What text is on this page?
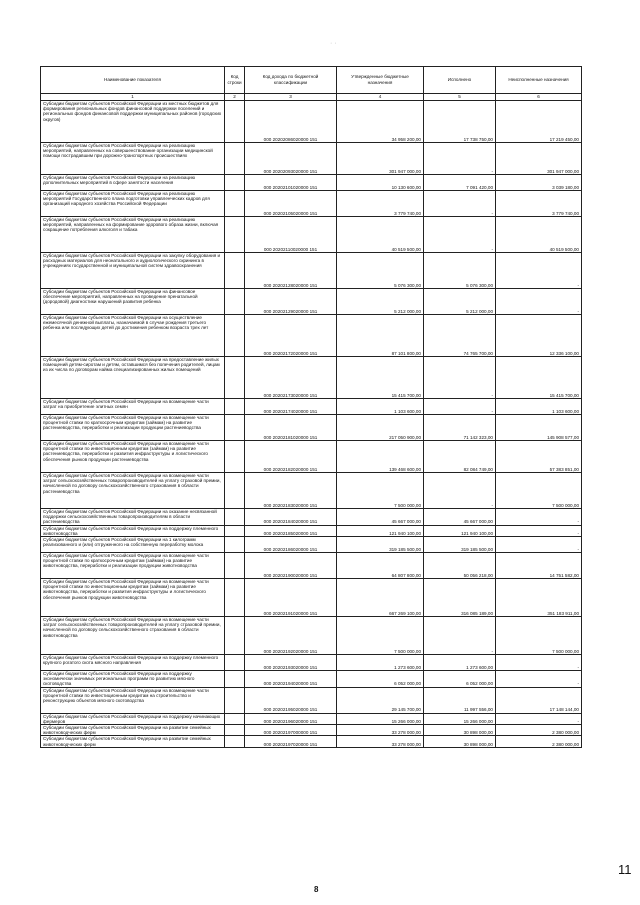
· ·
Наименование показателя	Код строки	Код дохода по бюджетной классификации	Утвержденные бюджетные назначения	Исполнено	Неисполненные назначения
1	2	3	4	5	6
Субсидии бюджетам субъектов Российской Федерации из местных бюджетов для формирования региональных фондов финансовой поддержки поселений и региональных фондов финансовой поддержки муниципальных районов (городских округов)		000 20202086020000 151	34 958 200,00	17 738 750,00	17 219 450,00
Субсидии бюджетам субъектов Российской Федерации на реализацию мероприятий, направленных на совершенствование организации медицинской помощи пострадавшим при дорожно-транспортных происшествиях		000 20202093020000 151	301 947 000,00	-	301 947 000,00
Субсидии бюджетам субъектов Российской Федерации на реализацию дополнительных мероприятий в сфере занятости населения		000 20202101020000 151	10 130 600,00	7 091 420,00	3 039 180,00
Субсидии бюджетам субъектов Российской Федерации на реализацию мероприятий Государственного плана подготовки управленческих кадров для организаций народного хозяйства Российской Федерации		000 20202105020000 151	3 779 740,00	-	3 779 740,00
Субсидии бюджетам субъектов Российской Федерации на реализацию мероприятий, направленных на формирование здорового образа жизни, включая сокращение потребления алкоголя и табака		000 20202110020000 151	40 519 500,00	-	40 519 500,00
Субсидии бюджетам субъектов Российской Федерации на закупку оборудования и расходных материалов для неонатального и аудиологического скрининга в учреждениях государственной и муниципальной систем здравоохранения		000 20202128020000 151	5 076 300,00	5 076 300,00	-
Субсидии бюджетам субъектов Российской Федерации на финансовое обеспечение мероприятий, направленных на проведение пренатальной (дородовой) диагностики нарушений развития ребенка		000 20202129020000 151	5 212 000,00	5 212 000,00	-
Субсидии бюджетам субъектов Российской Федерации на осуществление ежемесячной денежной выплаты, назначаемой в случае рождения третьего ребенка или последующих детей до достижения ребенком возраста трех лет		000 20202172020000 151	87 101 800,00	74 765 700,00	12 336 100,00
Субсидии бюджетам субъектов Российской Федерации на предоставление жилых помещений детям-сиротам и детям, оставшимся без попечения родителей, лицам из их числа по договорам найма специализированных жилых помещений		000 20202173020000 151	15 415 700,00	-	15 415 700,00
Субсидии бюджетам субъектов Российской Федерации на возмещение части затрат на приобретение элитных семян		000 20202174020000 151	1 103 600,00	-	1 103 600,00
Субсидии бюджетам субъектов Российской Федерации на возмещение части процентной ставки по краткосрочным кредитам (займам) на развитие растениеводства, переработки и реализации продукции растениеводства		000 20202181020000 151	217 050 900,00	71 142 323,00	145 908 577,00
Субсидии бюджетам субъектов Российской Федерации на возмещение части процентной ставки по инвестиционным кредитам (займам) на развитие растениеводства, переработки и развития инфраструктуры и логистического обеспечения рынков продукции растениеводства		000 20202182020000 151	139 468 600,00	82 084 749,00	57 383 851,00
Субсидии бюджетам субъектов Российской Федерации на возмещение части затрат сельскохозяйственных товаропроизводителей на уплату страховой премии, начисленной по договору сельскохозяйственного страхования в области растениеводства		000 20202183020000 151	7 500 000,00	-	7 500 000,00
Субсидии бюджетам субъектов Российской Федерации на оказание несвязанной поддержки сельскохозяйственным товаропроизводителям в области растениеводства		000 20202184020000 151	45 667 000,00	45 667 000,00	-
Субсидии бюджетам субъектов Российской Федерации на поддержку племенного животноводства		000 20202185020000 151	121 940 100,00	121 940 100,00	-
Субсидии бюджетам субъектов Российской Федерации на 1 килограмм реализованного и (или) отгруженного на собственную переработку молока		000 20202186020000 151	319 185 500,00	319 185 500,00	-
Субсидии бюджетам субъектов Российской Федерации на возмещение части процентной ставки по краткосрочным кредитам (займам) на развитие животноводства, переработки и реализации продукции животноводства		000 20202190020000 151	64 807 800,00	50 056 218,00	14 751 582,00
Субсидии бюджетам субъектов Российской Федерации на возмещение части процентной ставки по инвестиционным кредитам (займам) на развитие животноводства, переработки и развития инфраструктуры и логистического обеспечения рынков продукции животноводства		000 20202191020000 151	667 269 100,00	316 085 189,00	351 183 911,00
Субсидии бюджетам субъектов Российской Федерации на возмещение части затрат сельскохозяйственных товаропроизводителей на уплату страховой премии, начисленной по договору сельскохозяйственного страхования в области животноводства		000 20202192020000 151	7 500 000,00	-	7 500 000,00
Субсидии бюджетам субъектов Российской Федерации на поддержку племенного крупного рогатого скота мясного направления		000 20202193020000 151	1 273 600,00	1 273 600,00	-
Субсидии бюджетам субъектов Российской Федерации на поддержку экономически значимых региональных программ по развитию мясного скотоводства		000 20202194020000 151	6 052 000,00	6 052 000,00	-
Субсидии бюджетам субъектов Российской Федерации на возмещение части процентной ставки по инвестиционным кредитам на строительство и реконструкцию объектов мясного скотоводства		000 20202195020000 151	29 145 700,00	11 997 556,00	17 148 144,00
Субсидии бюджетам субъектов Российской Федерации на поддержку начинающих фермеров		000 20202196020000 151	15 266 000,00	15 266 000,00	-
Субсидии бюджетам субъектов Российской Федерации на развитие семейных животноводческих ферм		000 20202197000000 151	33 278 000,00	30 898 000,00	2 380 000,00
Субсидии бюджетам субъектов Российской Федерации на развитие семейных животноводческих ферм		000 20202197020000 151	33 278 000,00	30 898 000,00	2 380 000,00
8
11
